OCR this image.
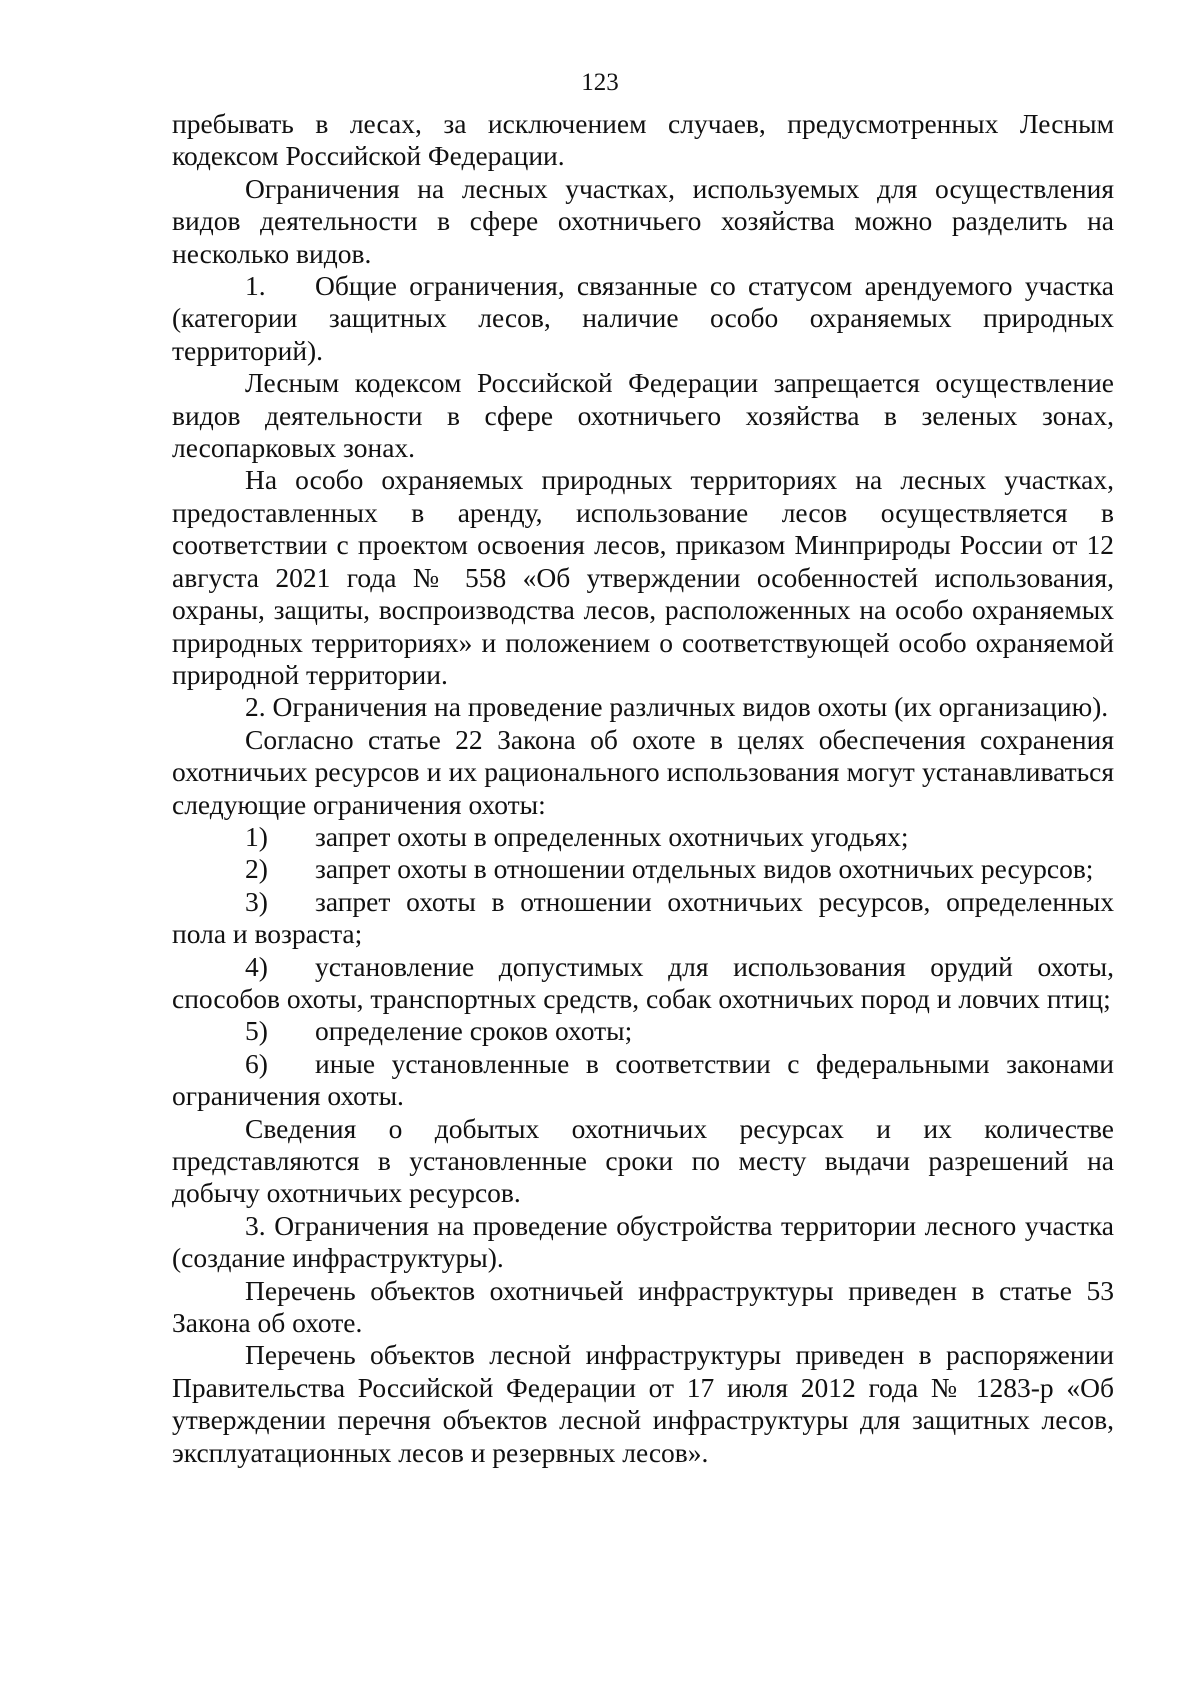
123

пребывать в лесах, за исключением случаев, предусмотренных Лесным кодексом Российской Федерации.

Ограничения на лесных участках, используемых для осуществления видов деятельности в сфере охотничьего хозяйства можно разделить на несколько видов.

1. Общие ограничения, связанные со статусом арендуемого участка (категории защитных лесов, наличие особо охраняемых природных территорий).

Лесным кодексом Российской Федерации запрещается осуществление видов деятельности в сфере охотничьего хозяйства в зеленых зонах, лесопарковых зонах.

На особо охраняемых природных территориях на лесных участках, предоставленных в аренду, использование лесов осуществляется в соответствии с проектом освоения лесов, приказом Минприроды России от 12 августа 2021 года № 558 «Об утверждении особенностей использования, охраны, защиты, воспроизводства лесов, расположенных на особо охраняемых природных территориях» и положением о соответствующей особо охраняемой природной территории.

2. Ограничения на проведение различных видов охоты (их организацию).

Согласно статье 22 Закона об охоте в целях обеспечения сохранения охотничьих ресурсов и их рационального использования могут устанавливаться следующие ограничения охоты:

1) запрет охоты в определенных охотничьих угодьях;

2) запрет охоты в отношении отдельных видов охотничьих ресурсов;

3) запрет охоты в отношении охотничьих ресурсов, определенных пола и возраста;

4) установление допустимых для использования орудий охоты, способов охоты, транспортных средств, собак охотничьих пород и ловчих птиц;

5) определение сроков охоты;

6) иные установленные в соответствии с федеральными законами ограничения охоты.

Сведения о добытых охотничьих ресурсах и их количестве представляются в установленные сроки по месту выдачи разрешений на добычу охотничьих ресурсов.

3. Ограничения на проведение обустройства территории лесного участка (создание инфраструктуры).

Перечень объектов охотничьей инфраструктуры приведен в статье 53 Закона об охоте.

Перечень объектов лесной инфраструктуры приведен в распоряжении Правительства Российской Федерации от 17 июля 2012 года № 1283-р «Об утверждении перечня объектов лесной инфраструктуры для защитных лесов, эксплуатационных лесов и резервных лесов».
